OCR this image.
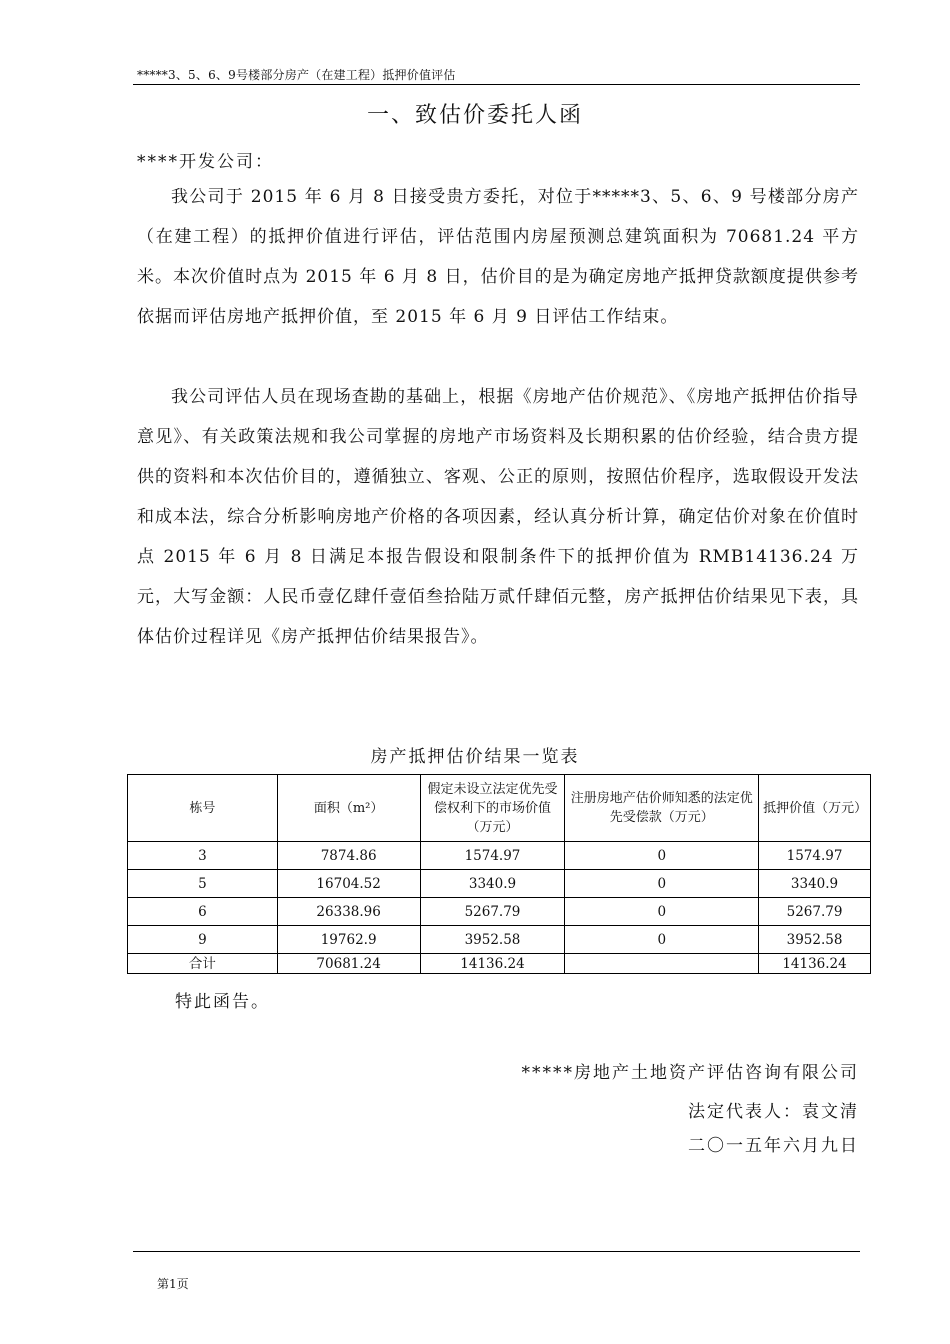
*****3、5、6、9号楼部分房产（在建工程）抵押价值评估
一、致估价委托人函
****开发公司：

我公司于 2015 年 6 月 8 日接受贵方委托，对位于*****3、5、6、9 号楼部分房产（在建工程）的抵押价值进行评估，评估范围内房屋预测总建筑面积为 70681.24 平方米。本次价值时点为 2015 年 6 月 8 日，估价目的是为确定房地产抵押贷款额度提供参考依据而评估房地产抵押价值，至 2015 年 6 月 9 日评估工作结束。

我公司评估人员在现场查勘的基础上，根据《房地产估价规范》、《房地产抵押估价指导意见》、有关政策法规和我公司掌握的房地产市场资料及长期积累的估价经验，结合贵方提供的资料和本次估价目的，遵循独立、客观、公正的原则，按照估价程序，选取假设开发法和成本法，综合分析影响房地产价格的各项因素，经认真分析计算，确定估价对象在价值时点 2015 年 6 月 8 日满足本报告假设和限制条件下的抵押价值为 RMB14136.24 万元，大写金额：人民币壹亿肆仟壹佰叁拾陆万贰仟肆佰元整，房产抵押估价结果见下表，具体估价过程详见《房产抵押估价结果报告》。

房产抵押估价结果一览表
栋号	面积（m²）	假定未设立法定优先受偿权利下的市场价值（万元）	注册房地产估价师知悉的法定优先受偿款（万元）	抵押价值（万元）
3	7874.86	1574.97	0	1574.97
5	16704.52	3340.9	0	3340.9
6	26338.96	5267.79	0	5267.79
9	19762.9	3952.58	0	3952.58
合计	70681.24	14136.24		14136.24
特此函告。
*****房地产土地资产评估咨询有限公司
法定代表人：袁文清
二〇一五年六月九日
第1页
